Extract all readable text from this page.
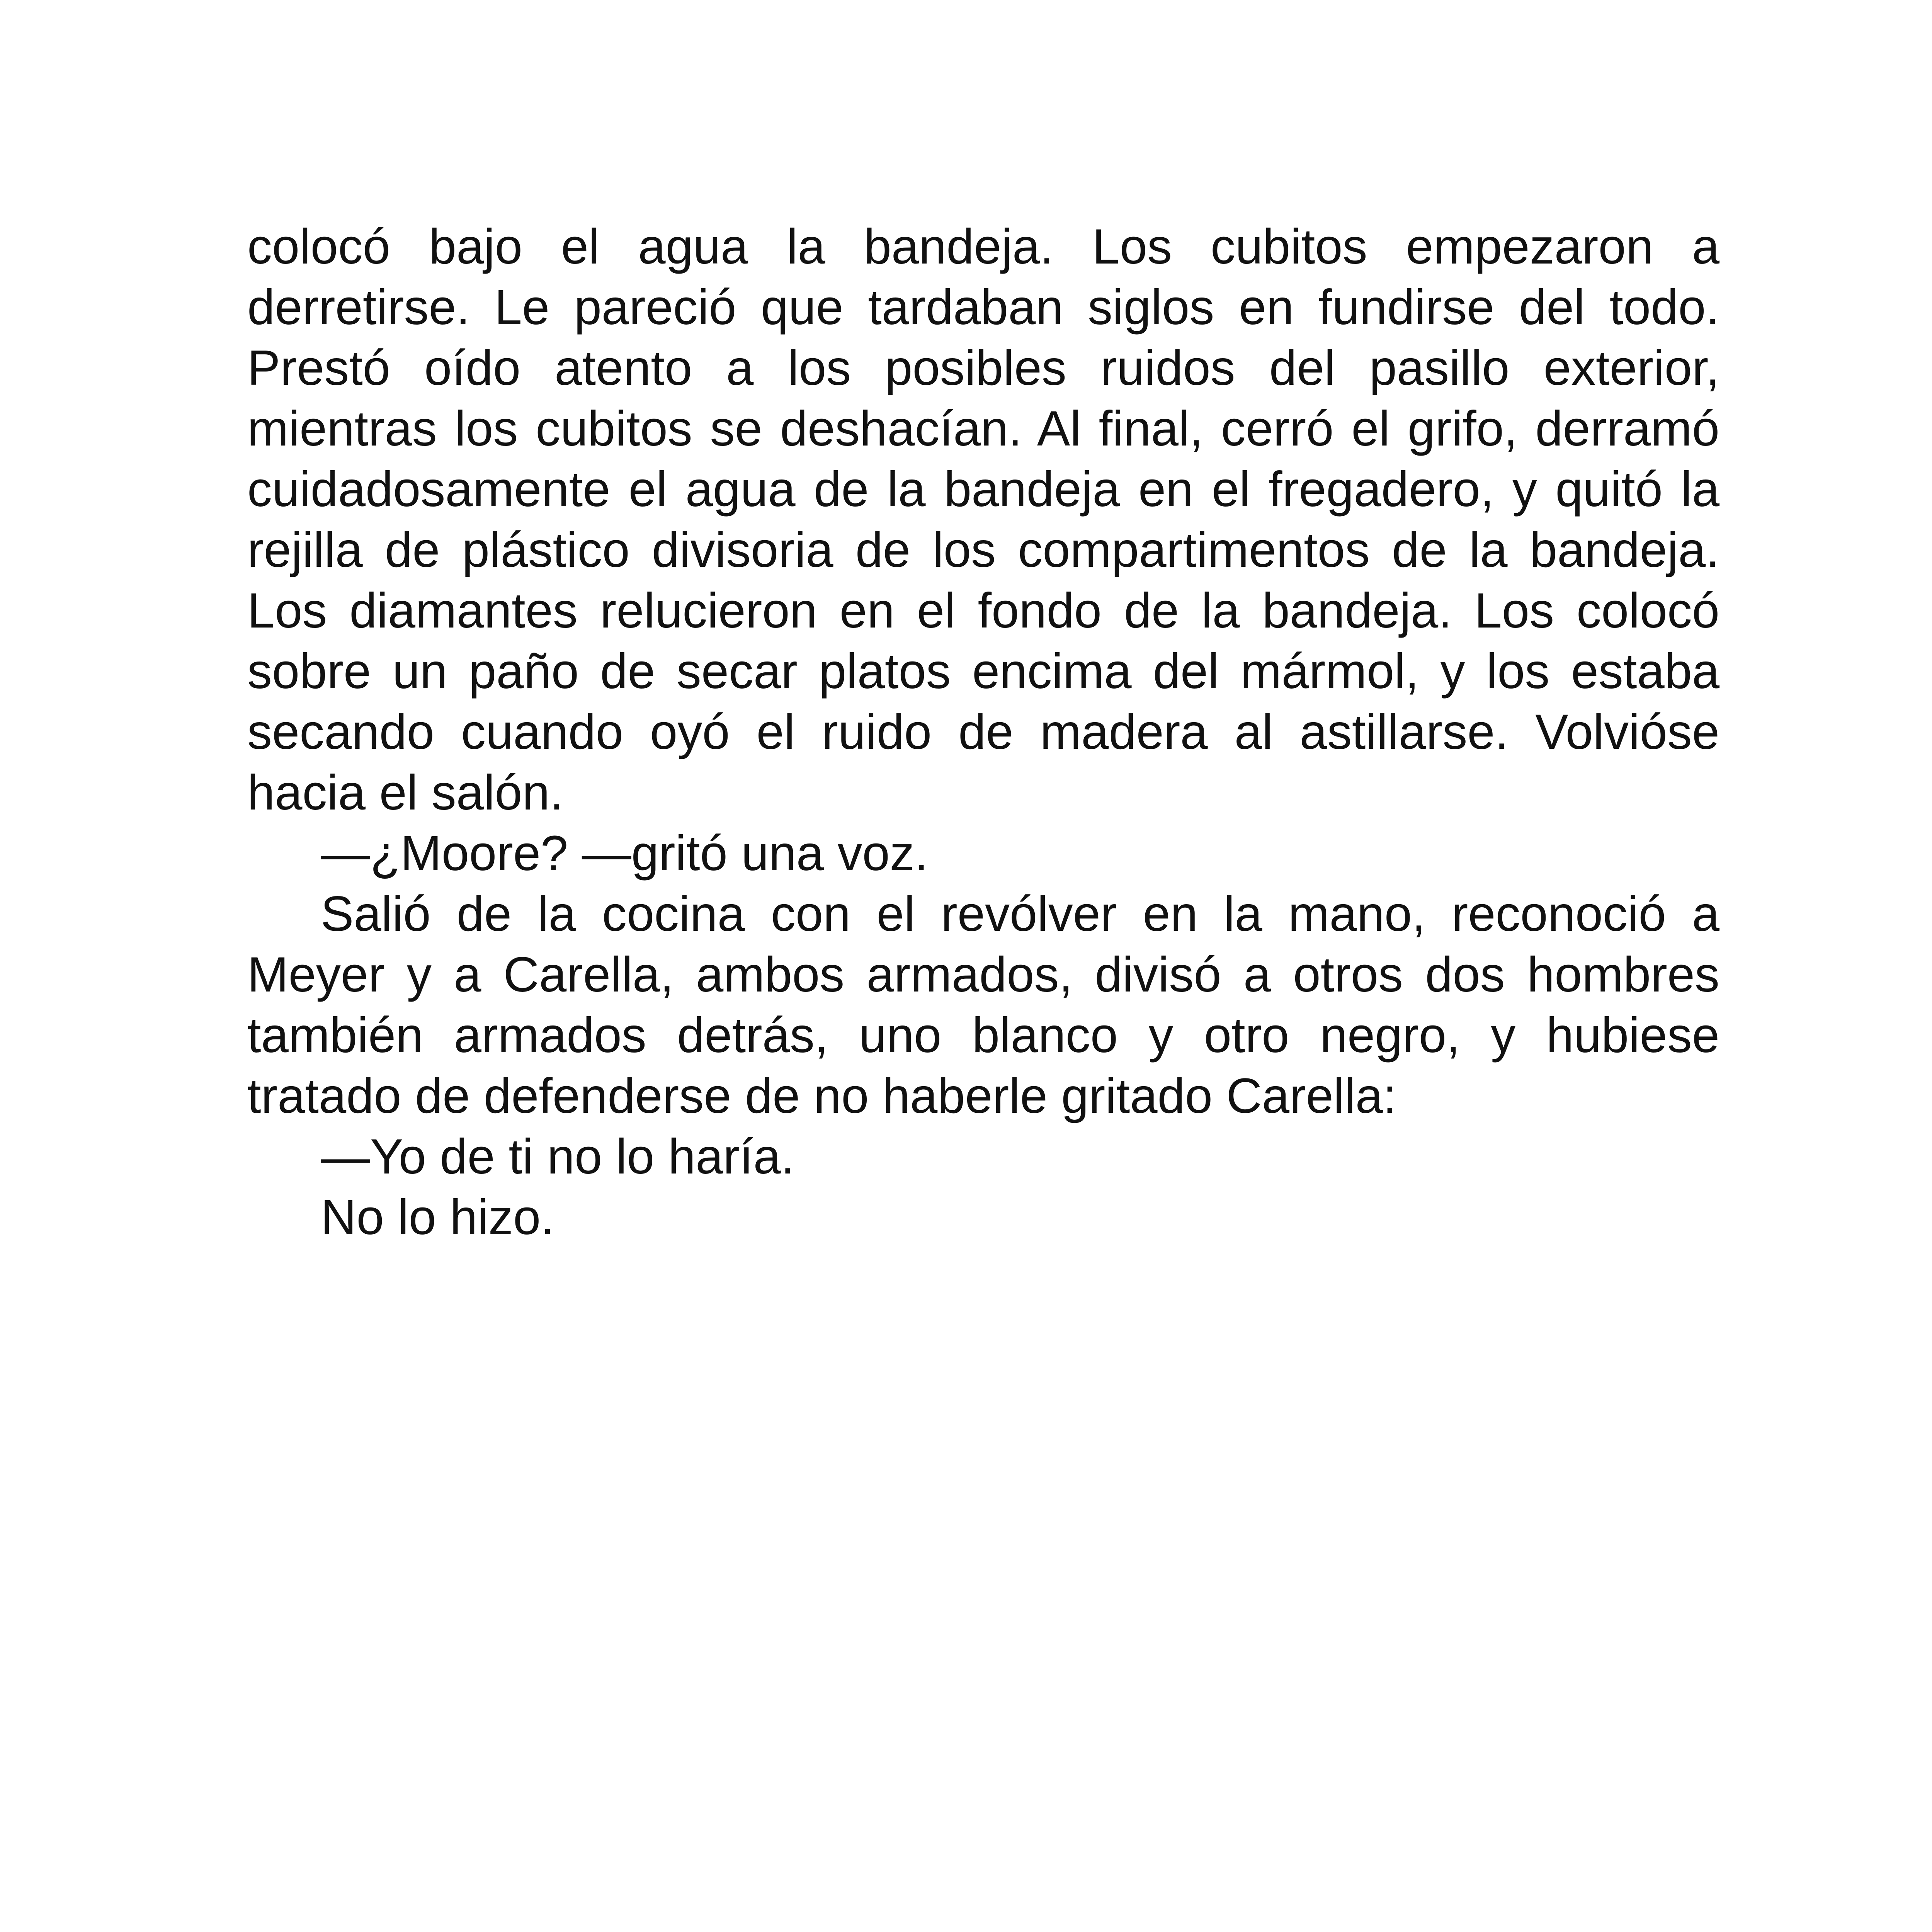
colocó bajo el agua la bandeja. Los cubitos empezaron a derretirse. Le pareció que tardaban siglos en fundirse del todo. Prestó oído atento a los posibles ruidos del pasillo exterior, mientras los cubitos se deshacían. Al final, cerró el grifo, derramó cuidadosamente el agua de la bandeja en el fregadero, y quitó la rejilla de plástico divisoria de los compartimentos de la bandeja. Los diamantes relucieron en el fondo de la bandeja. Los colocó sobre un paño de secar platos encima del mármol, y los estaba secando cuando oyó el ruido de madera al astillarse. Volvióse hacia el salón.

—¿Moore? —gritó una voz.

Salió de la cocina con el revólver en la mano, reconoció a Meyer y a Carella, ambos armados, divisó a otros dos hombres también armados detrás, uno blanco y otro negro, y hubiese tratado de defenderse de no haberle gritado Carella:

—Yo de ti no lo haría.

No lo hizo.
